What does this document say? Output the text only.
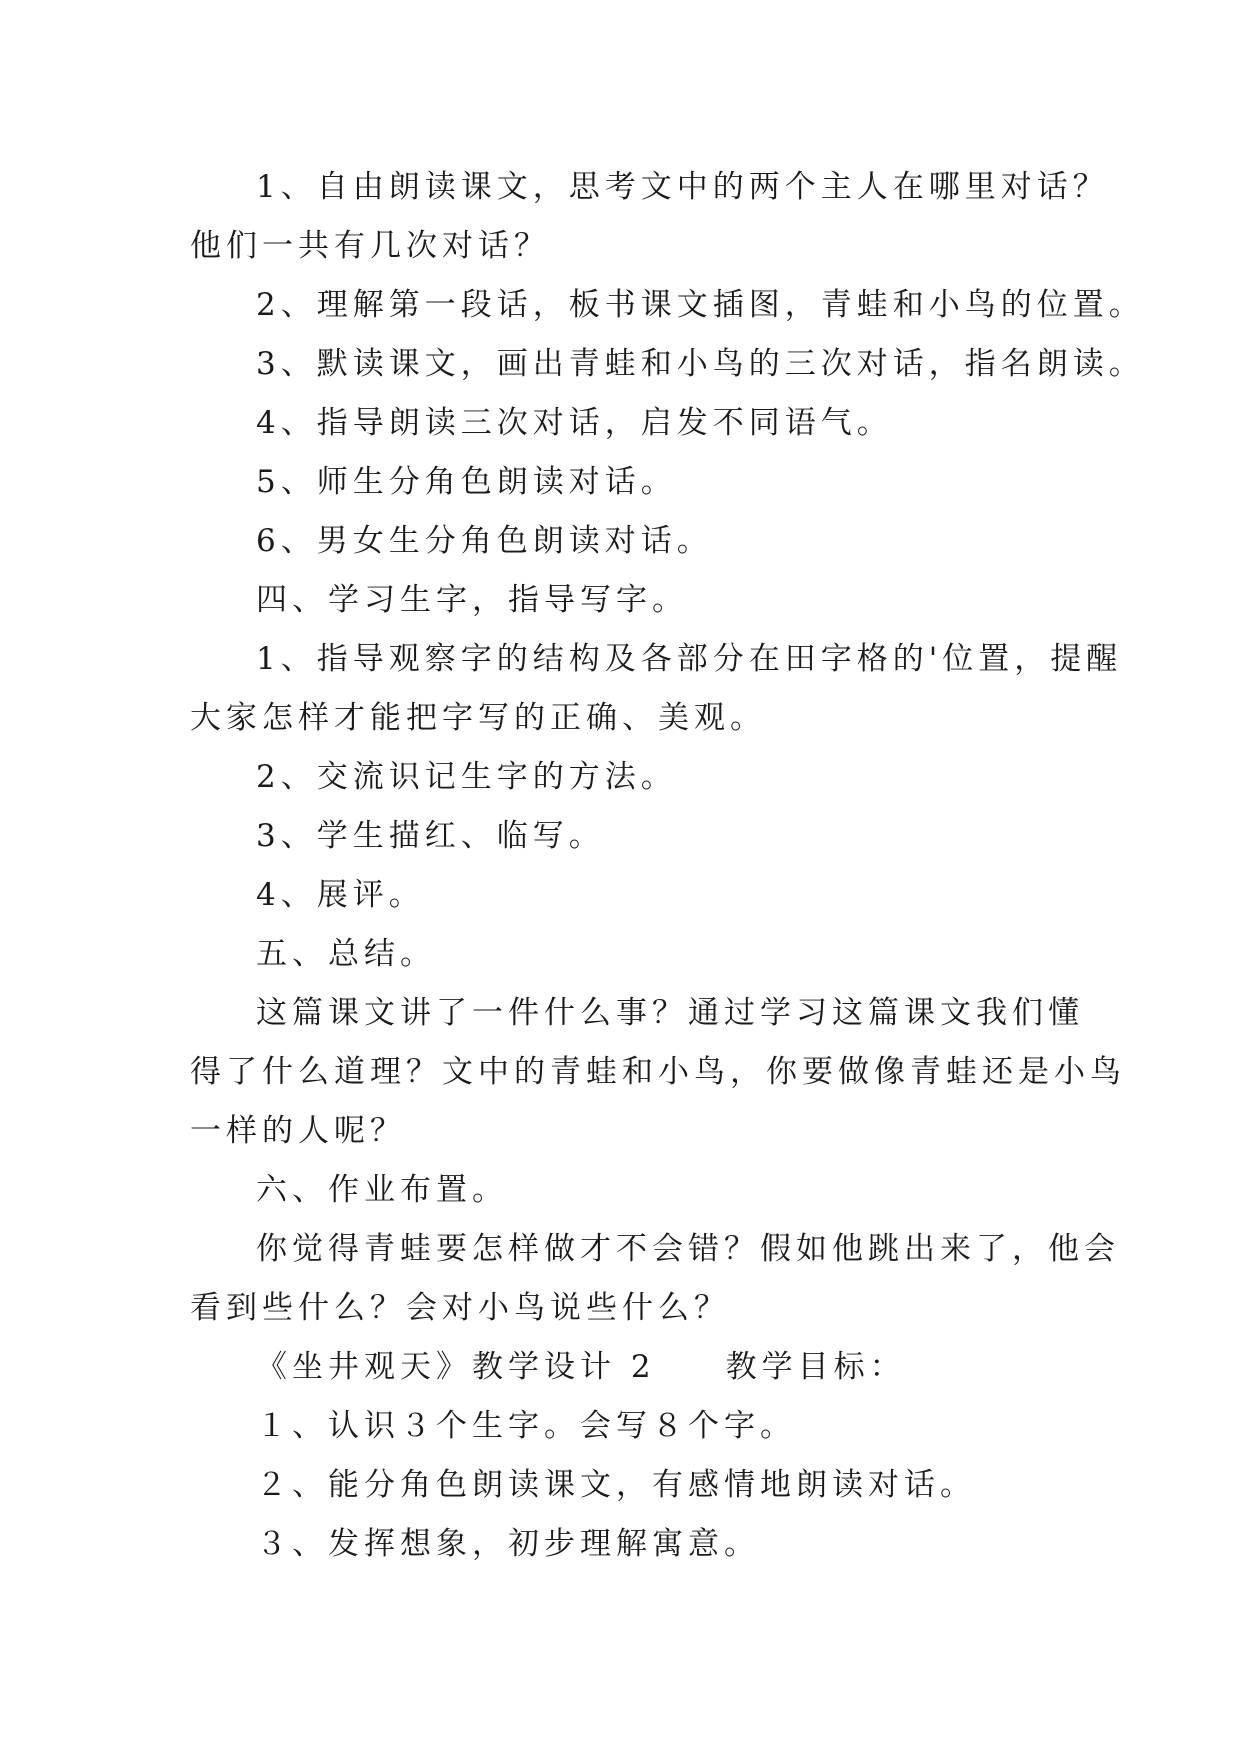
1、自由朗读课文，思考文中的两个主人在哪里对话？

他们一共有几次对话？

2、理解第一段话，板书课文插图，青蛙和小鸟的位置。

3、默读课文，画出青蛙和小鸟的三次对话，指名朗读。

4、指导朗读三次对话，启发不同语气。

5、师生分角色朗读对话。

6、男女生分角色朗读对话。

四、学习生字，指导写字。

1、指导观察字的结构及各部分在田字格的'位置，提醒

大家怎样才能把字写的正确、美观。

2、交流识记生字的方法。

3、学生描红、临写。

4、展评。

五、总结。

这篇课文讲了一件什么事？通过学习这篇课文我们懂

得了什么道理？文中的青蛙和小鸟，你要做像青蛙还是小鸟

一样的人呢？

六、作业布置。

你觉得青蛙要怎样做才不会错？假如他跳出来了，他会

看到些什么？会对小鸟说些什么？

《坐井观天》教学设计 2 教学目标：

１、认识３个生字。会写８个字。

２、能分角色朗读课文，有感情地朗读对话。

３、发挥想象，初步理解寓意。
